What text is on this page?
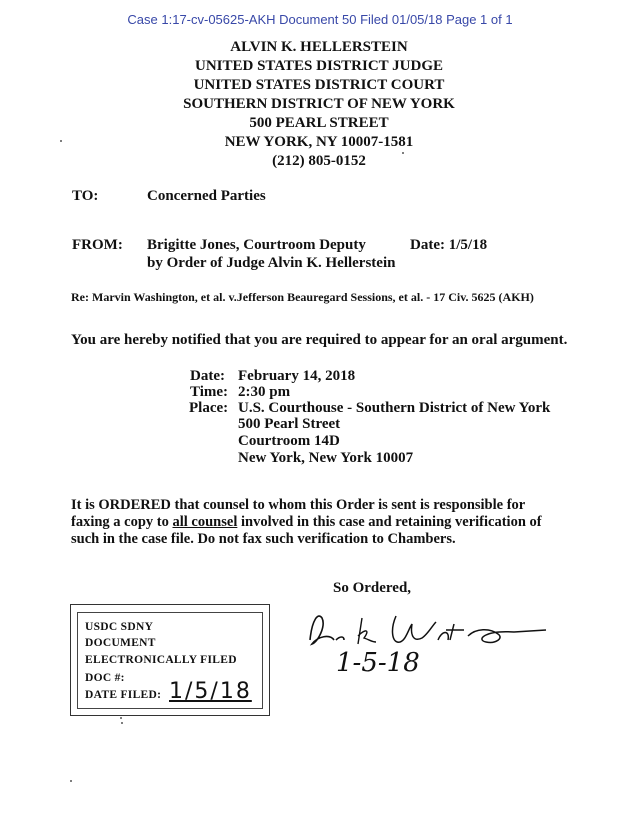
Case 1:17-cv-05625-AKH Document 50 Filed 01/05/18 Page 1 of 1
ALVIN K. HELLERSTEIN
UNITED STATES DISTRICT JUDGE
UNITED STATES DISTRICT COURT
SOUTHERN DISTRICT OF NEW YORK
500 PEARL STREET
NEW YORK, NY 10007-1581
(212) 805-0152
TO:	Concerned Parties
FROM: Brigitte Jones, Courtroom Deputy
by Order of Judge Alvin K. Hellerstein
Date: 1/5/18
Re: Marvin Washington, et al. v.Jefferson Beauregard Sessions, et al. - 17 Civ. 5625 (AKH)
You are hereby notified that you are required to appear for an oral argument.
Date: February 14, 2018
Time: 2:30 pm
Place: U.S. Courthouse - Southern District of New York
500 Pearl Street
Courtroom 14D
New York, New York 10007
It is ORDERED that counsel to whom this Order is sent is responsible for
faxing a copy to all counsel involved in this case and retaining verification of
such in the case file. Do not fax such verification to Chambers.
So Ordered,
1-5-18
USDC SDNY
DOCUMENT
ELECTRONICALLY FILED
DOC #:
DATE FILED: 1/5/18
